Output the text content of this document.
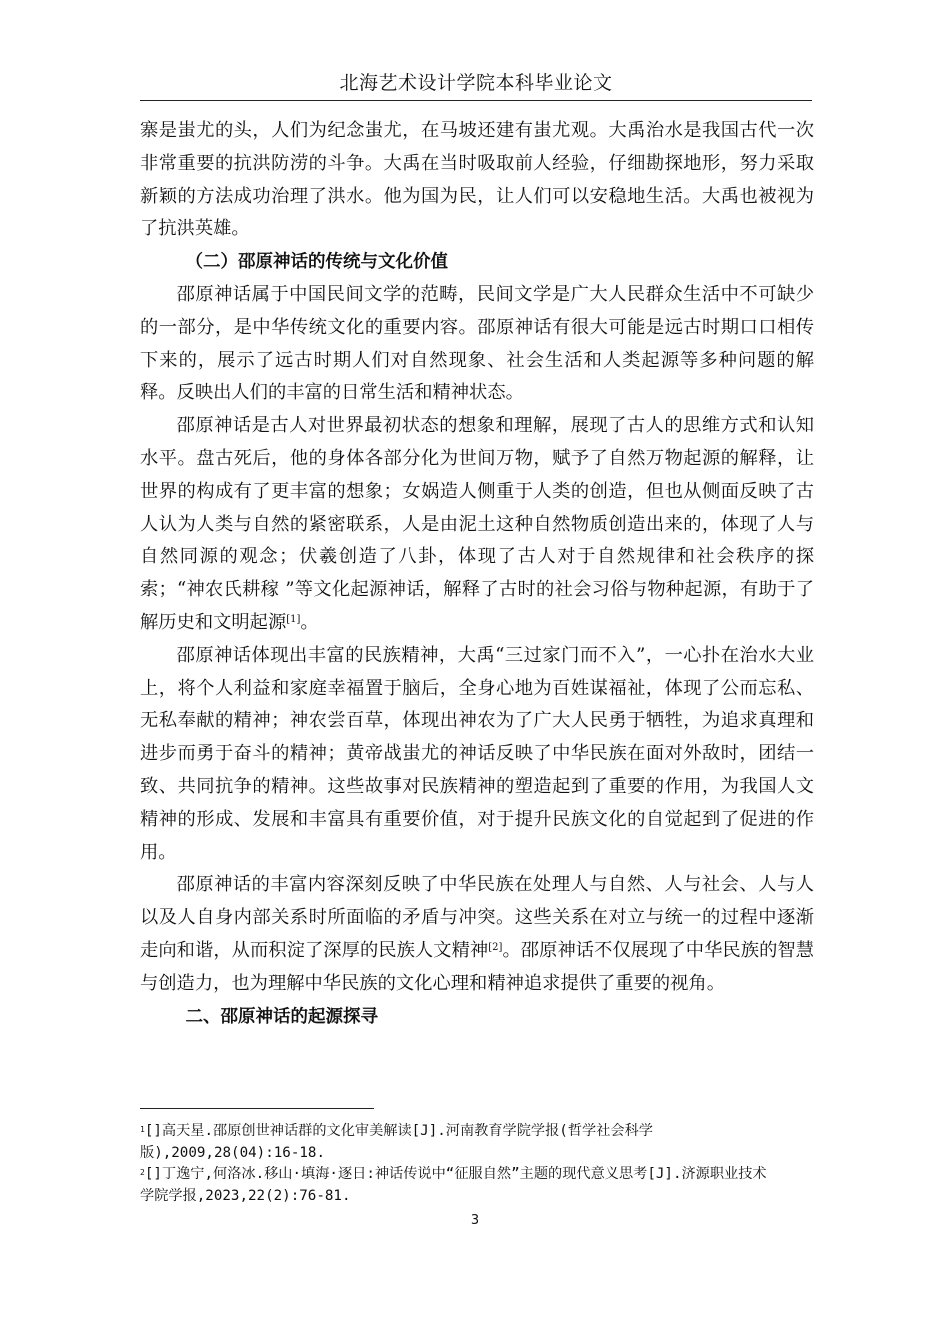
北海艺术设计学院本科毕业论文

寨是蚩尤的头，人们为纪念蚩尤，在马坡还建有蚩尤观。大禹治水是我国古代一次非常重要的抗洪防涝的斗争。大禹在当时吸取前人经验，仔细勘探地形，努力采取新颖的方法成功治理了洪水。他为国为民，让人们可以安稳地生活。大禹也被视为了抗洪英雄。

（二）邵原神话的传统与文化价值

邵原神话属于中国民间文学的范畴，民间文学是广大人民群众生活中不可缺少的一部分，是中华传统文化的重要内容。邵原神话有很大可能是远古时期口口相传下来的，展示了远古时期人们对自然现象、社会生活和人类起源等多种问题的解释。反映出人们的丰富的日常生活和精神状态。

邵原神话是古人对世界最初状态的想象和理解，展现了古人的思维方式和认知水平。盘古死后，他的身体各部分化为世间万物，赋予了自然万物起源的解释，让世界的构成有了更丰富的想象；女娲造人侧重于人类的创造，但也从侧面反映了古人认为人类与自然的紧密联系，人是由泥土这种自然物质创造出来的，体现了人与自然同源的观念；伏羲创造了八卦，体现了古人对于自然规律和社会秩序的探索；“神农氏耕稼 ”等文化起源神话，解释了古时的社会习俗与物种起源，有助于了解历史和文明起源[1]。

邵原神话体现出丰富的民族精神，大禹“三过家门而不入”，一心扑在治水大业上，将个人利益和家庭幸福置于脑后，全身心地为百姓谋福祉，体现了公而忘私、无私奉献的精神；神农尝百草，体现出神农为了广大人民勇于牺牲，为追求真理和进步而勇于奋斗的精神；黄帝战蚩尤的神话反映了中华民族在面对外敌时，团结一致、共同抗争的精神。这些故事对民族精神的塑造起到了重要的作用，为我国人文精神的形成、发展和丰富具有重要价值，对于提升民族文化的自觉起到了促进的作用。

邵原神话的丰富内容深刻反映了中华民族在处理人与自然、人与社会、人与人以及人自身内部关系时所面临的矛盾与冲突。这些关系在对立与统一的过程中逐渐走向和谐，从而积淀了深厚的民族人文精神[2]。邵原神话不仅展现了中华民族的智慧与创造力，也为理解中华民族的文化心理和精神追求提供了重要的视角。

二、邵原神话的起源探寻

$^1$[]高天星.邵原创世神话群的文化审美解读[J].河南教育学院学报(哲学社会科学版),2009,28(04):16-18.

$^2$[]丁逸宁,何洛冰.移山·填海·逐日:神话传说中“征服自然”主题的现代意义思考[J].济源职业技术学院学报,2023,22(2):76-81.

3
